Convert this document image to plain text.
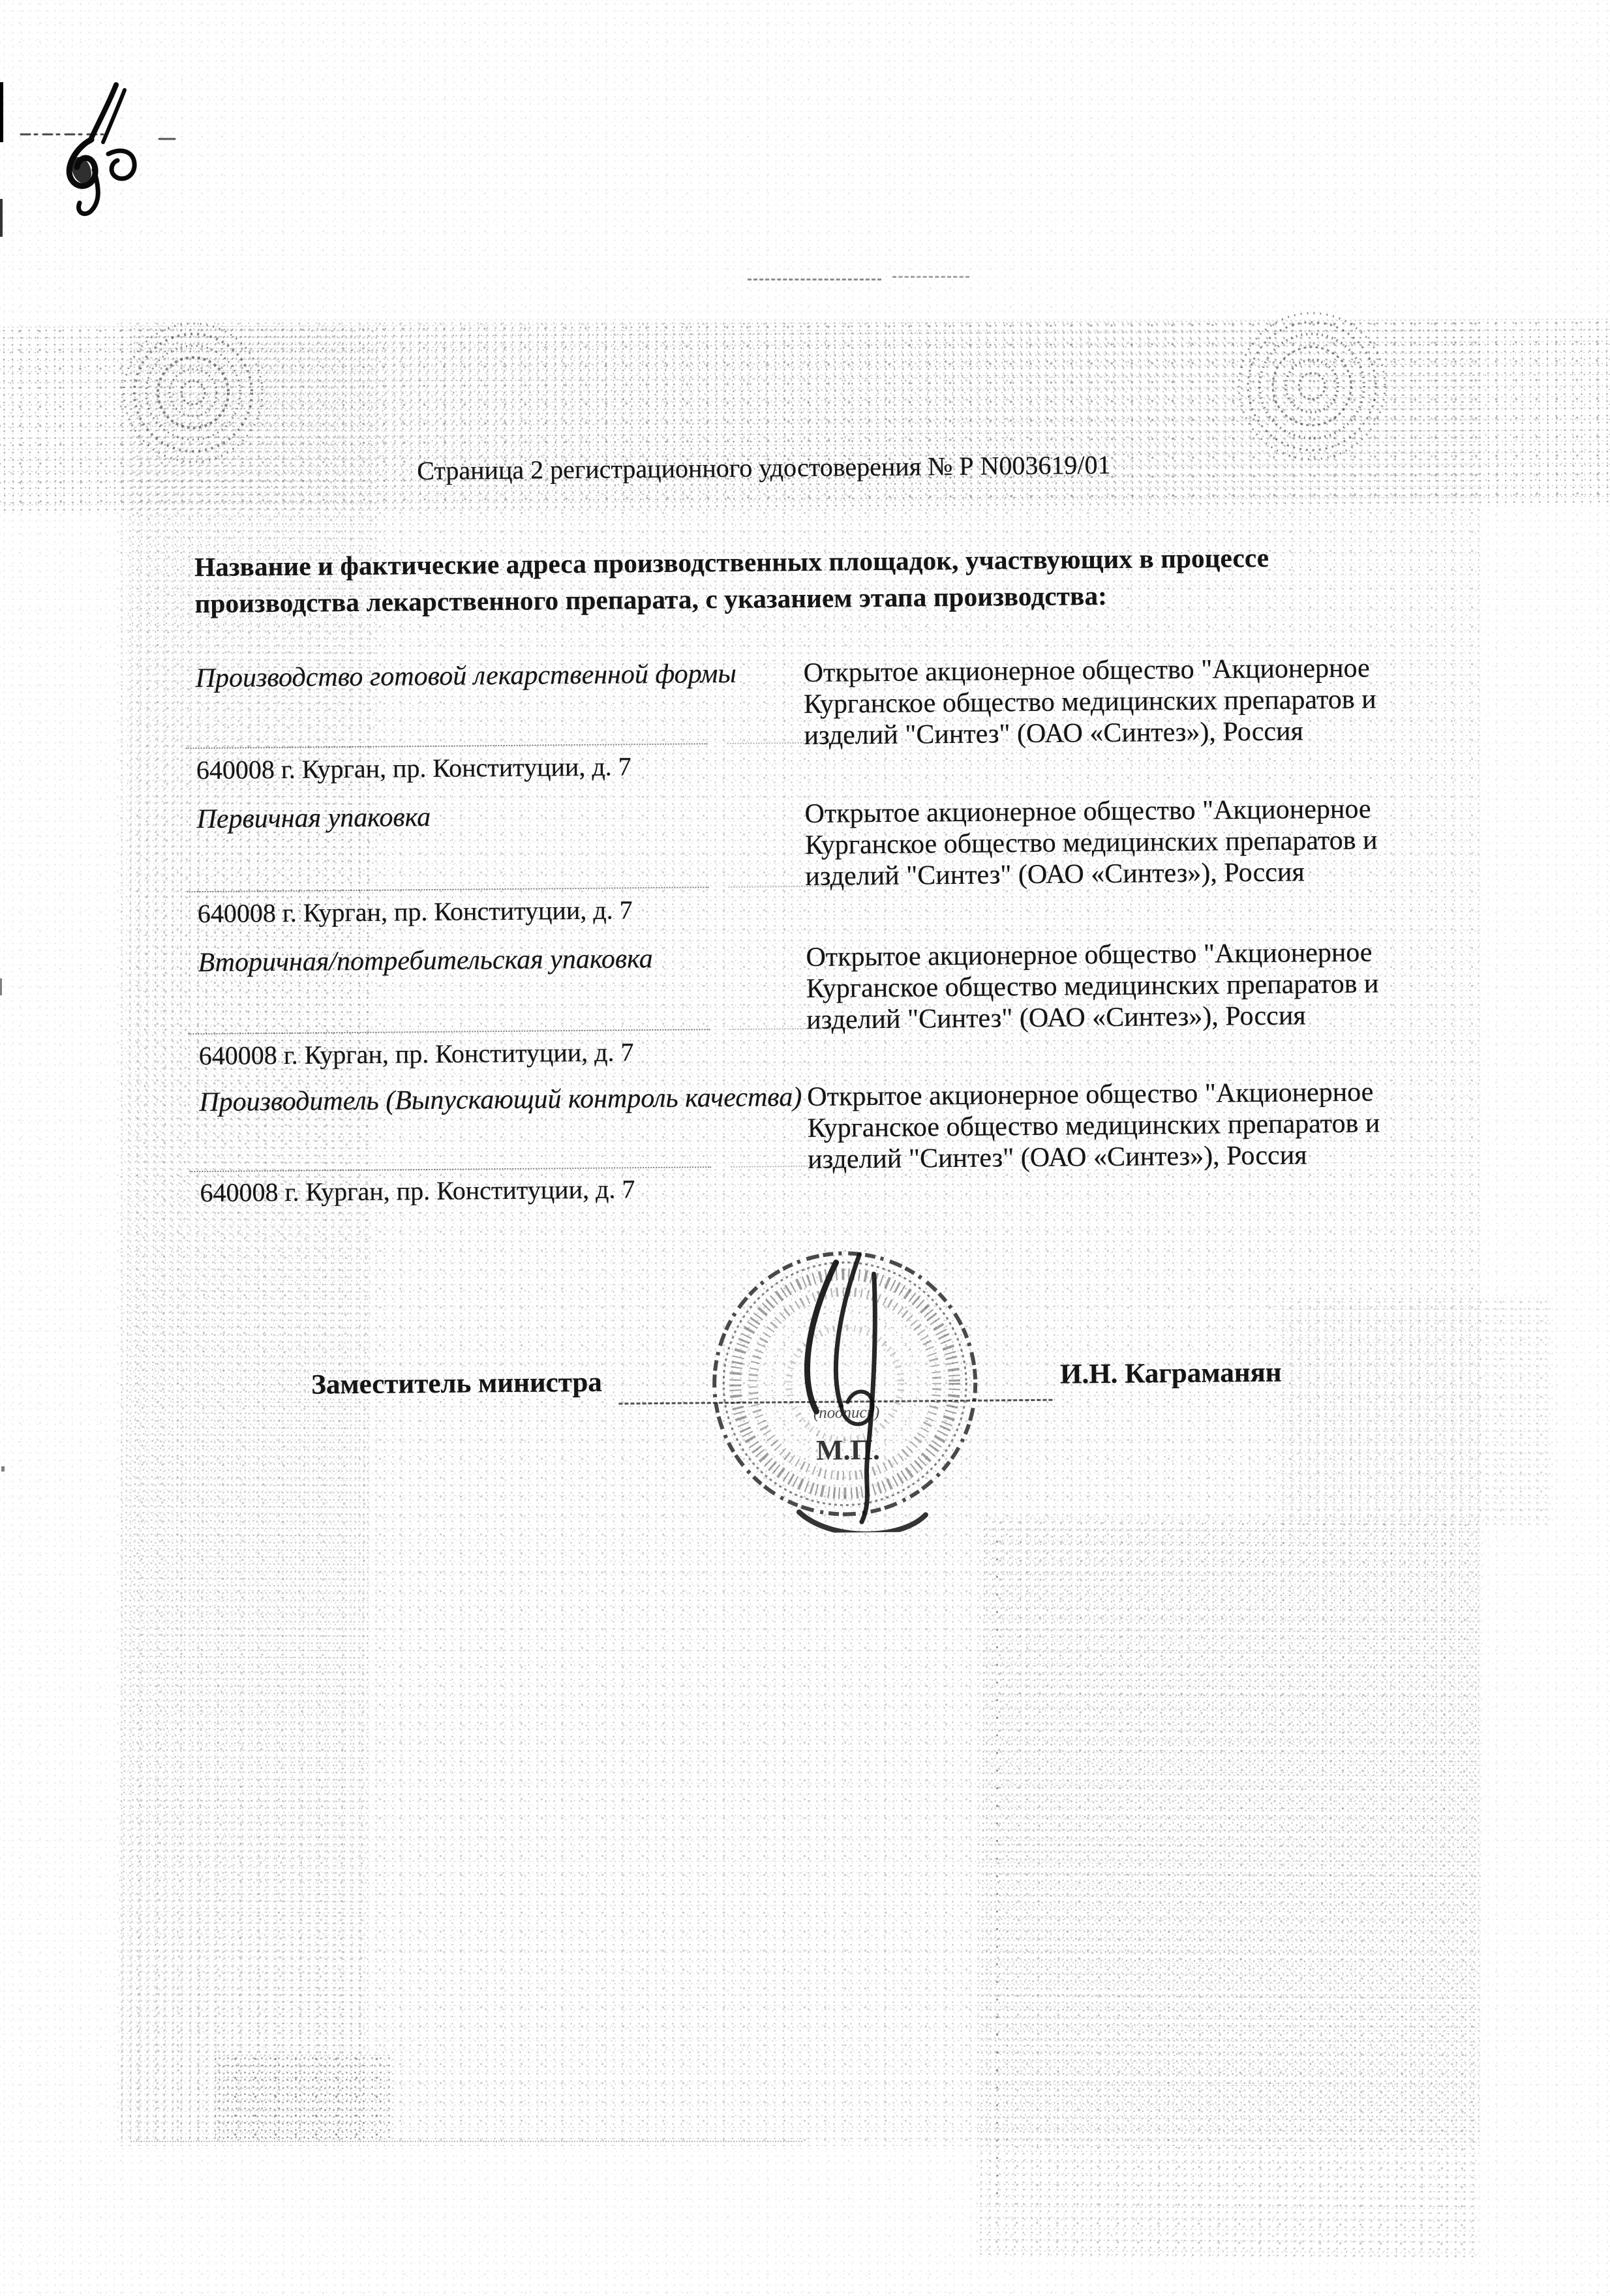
Страница 2 регистрационного удостоверения № Р N003619/01
Название и фактические адреса производственных площадок, участвующих в процессе
производства лекарственного препарата, с указанием этапа производства:
Производство готовой лекарственной формы Открытое акционерное общество "Акционерное
Курганское общество медицинских препаратов и
изделий "Синтез" (ОАО «Синтез»), Россия
640008 г. Курган, пр. Конституции, д. 7
Первичная упаковка	Открытое акционерное общество "Акционерное
Курганское общество медицинских препаратов и
изделий "Синтез" (ОАО «Синтез»), Россия
640008 г. Курган, пр. Конституции, д. 7
Вторичная/потребительская упаковка	Открытое акционерное общество "Акционерное
Курганское общество медицинских препаратов и
изделий "Синтез" (ОАО «Синтез»), Россия
640008 г. Курган, пр. Конституции, д. 7
Производитель (Выпускающий контроль качества) Открытое акционерное общество "Акционерное
Курганское общество медицинских препаратов и
изделий "Синтез" (ОАО «Синтез»), Россия
640008 г. Курган, пр. Конституции, д. 7
Заместитель министра	И.Н. Каграманян
(подпись)
М.П.
